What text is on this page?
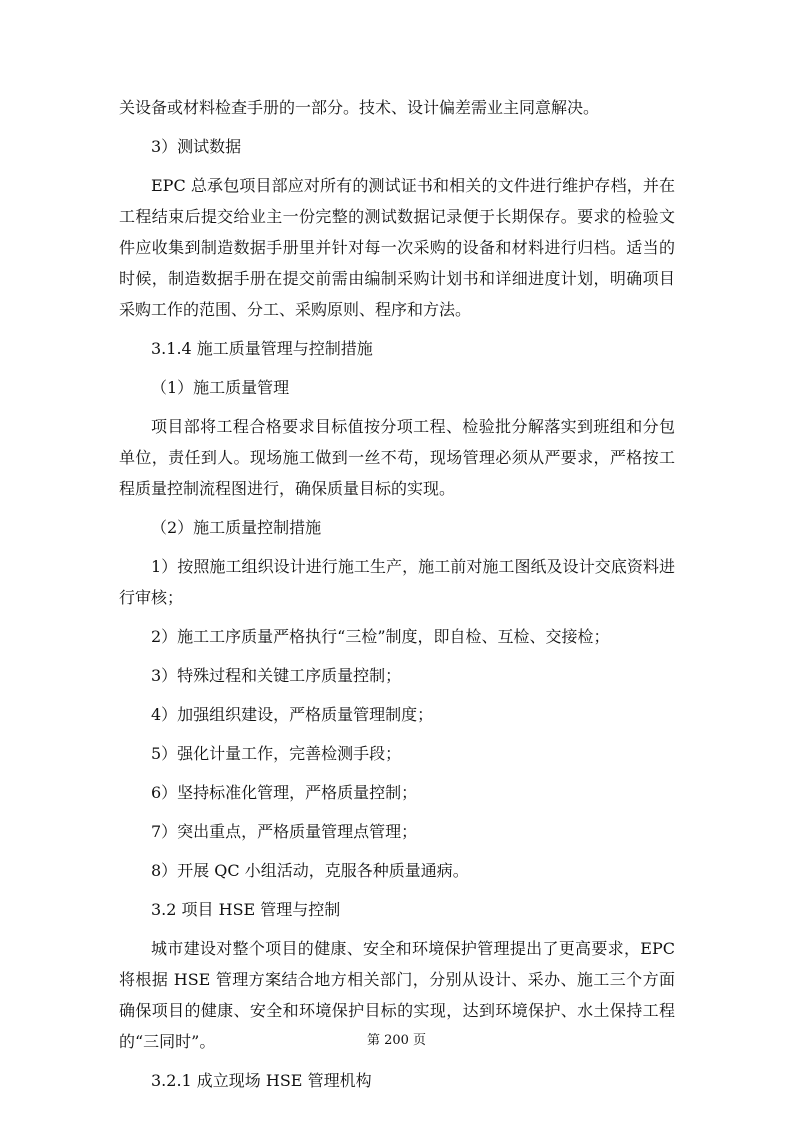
关设备或材料检查手册的一部分。技术、设计偏差需业主同意解决。

3）测试数据

EPC 总承包项目部应对所有的测试证书和相关的文件进行维护存档，并在工程结束后提交给业主一份完整的测试数据记录便于长期保存。要求的检验文件应收集到制造数据手册里并针对每一次采购的设备和材料进行归档。适当的时候，制造数据手册在提交前需由编制采购计划书和详细进度计划，明确项目采购工作的范围、分工、采购原则、程序和方法。

3.1.4 施工质量管理与控制措施

（1）施工质量管理

项目部将工程合格要求目标值按分项工程、检验批分解落实到班组和分包单位，责任到人。现场施工做到一丝不苟，现场管理必须从严要求，严格按工程质量控制流程图进行，确保质量目标的实现。

（2）施工质量控制措施

1）按照施工组织设计进行施工生产，施工前对施工图纸及设计交底资料进行审核；

2）施工工序质量严格执行“三检”制度，即自检、互检、交接检；

3）特殊过程和关键工序质量控制；

4）加强组织建设，严格质量管理制度；

5）强化计量工作，完善检测手段；

6）坚持标准化管理，严格质量控制；

7）突出重点，严格质量管理点管理；

8）开展 QC 小组活动，克服各种质量通病。

3.2 项目 HSE 管理与控制

城市建设对整个项目的健康、安全和环境保护管理提出了更高要求，EPC 将根据 HSE 管理方案结合地方相关部门，分别从设计、采办、施工三个方面确保项目的健康、安全和环境保护目标的实现，达到环境保护、水土保持工程的“三同时”。

3.2.1 成立现场 HSE 管理机构

第 200 页
